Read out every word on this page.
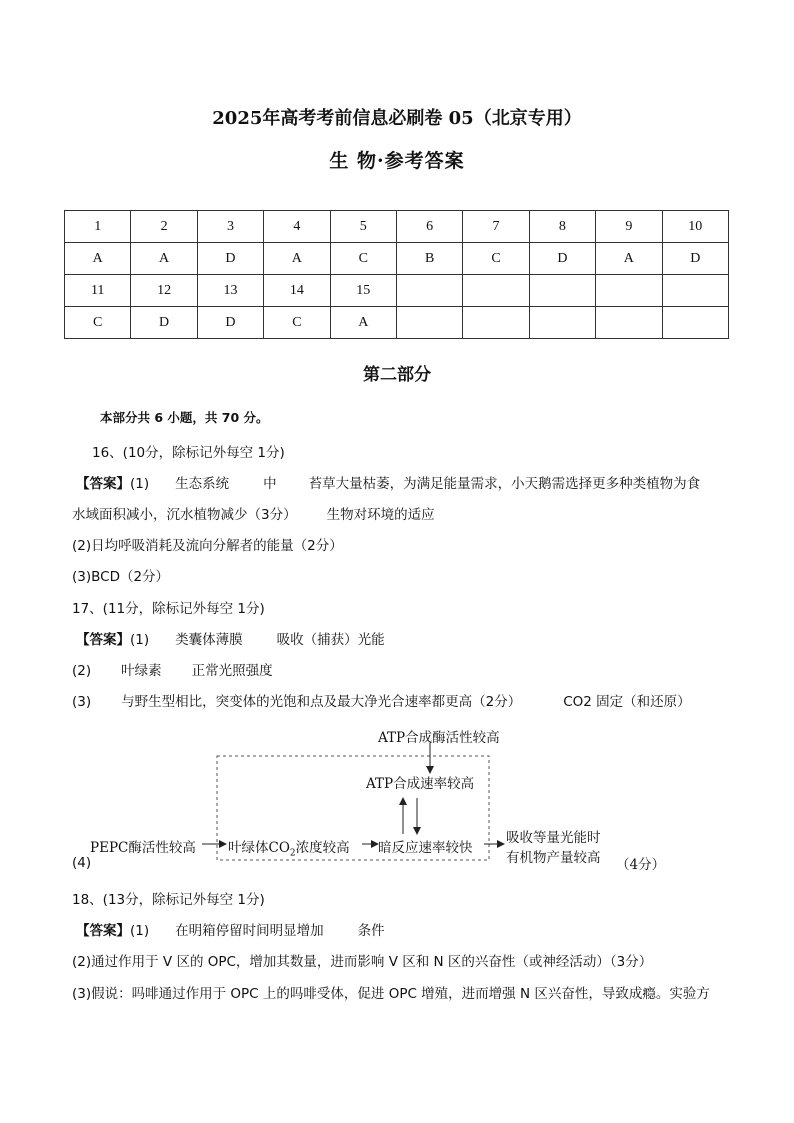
2025年高考考前信息必刷卷 05（北京专用）
生 物·参考答案
1	2	3	4	5	6	7	8	9	10
A	A	D	A	C	B	C	D	A	D
11	12	13	14	15					
C	D	D	C	A					
第二部分
本部分共 6 小题，共 70 分。
16、(10分，除标记外每空 1分)
【答案】(1) 生态系统	中 苔草大量枯萎，为满足能量需求，小天鹅需选择更多种类植物为食
水域面积减小，沉水植物减少（3分） 生物对环境的适应
(2)日均呼吸消耗及流向分解者的能量（2分）
(3)BCD（2分）
17、(11分，除标记外每空 1分)
【答案】(1) 类囊体薄膜	吸收（捕获）光能
(2) 叶绿素 正常光照强度
(3) 与野生型相比，突变体的光饱和点及最大净光合速率都更高（2分）	CO2 固定（和还原）
ATP合成酶活性较高
ATP合成速率较高
PEPC酶活性较高 叶绿体$CO_2$浓度较高 暗反应速率较快
吸收等量光能时
有机物产量较高 （4分）
(4)
18、(13分，除标记外每空 1分)
【答案】(1) 在明箱停留时间明显增加	条件
(2)通过作用于 V 区的 OPC，增加其数量，进而影响 V 区和 N 区的兴奋性（或神经活动）（3分）
(3)假说：吗啡通过作用于 OPC 上的吗啡受体，促进 OPC 增殖，进而增强 N 区兴奋性，导致成瘾。实验方
